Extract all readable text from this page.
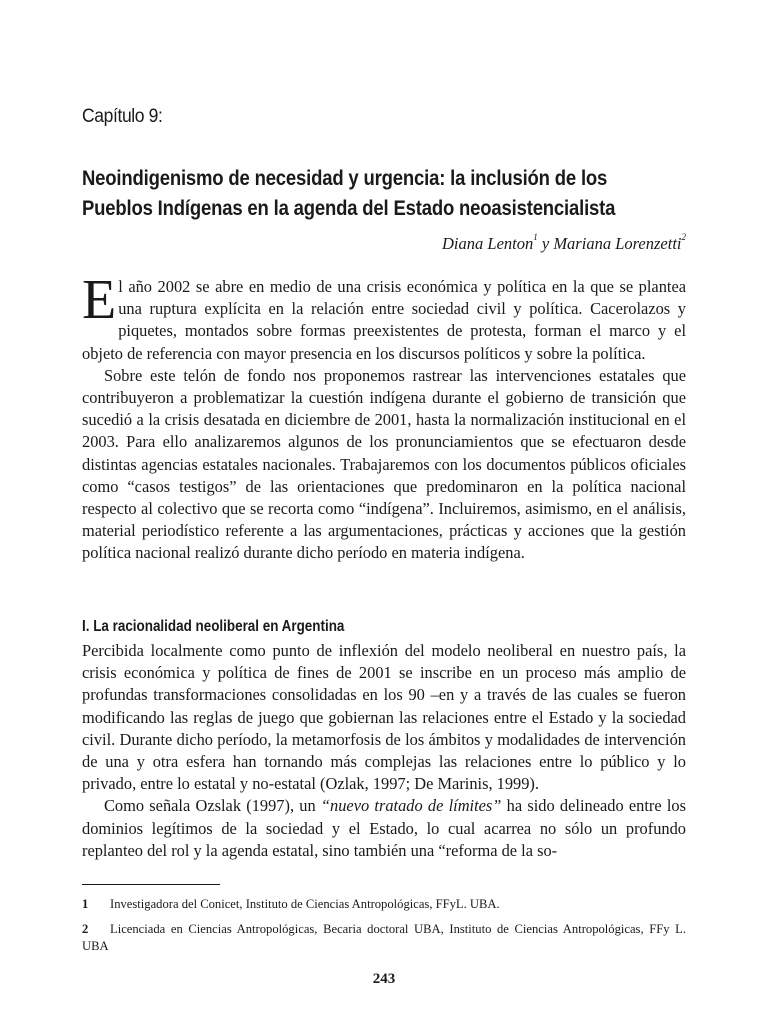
Capítulo 9:
Neoindigenismo de necesidad y urgencia: la inclusión de los
Pueblos Indígenas en la agenda del Estado neoasistencialista
Diana Lenton$^1$ y Mariana Lorenzetti$^2$

El año 2002 se abre en medio de una crisis económica y política en la que se plantea una ruptura explícita en la relación entre sociedad civil y política. Cacerolazos y piquetes, montados sobre formas preexistentes de protesta, forman el marco y el objeto de referencia con mayor presencia en los discursos políticos y sobre la política.

Sobre este telón de fondo nos proponemos rastrear las intervenciones estatales que contribuyeron a problematizar la cuestión indígena durante el gobierno de transición que sucedió a la crisis desatada en diciembre de 2001, hasta la normalización institucional en el 2003. Para ello analizaremos algunos de los pronunciamientos que se efectuaron desde distintas agencias estatales nacionales. Trabajaremos con los documentos públicos oficiales como “casos testigos” de las orientaciones que predominaron en la política nacional respecto al colectivo que se recorta como “indígena”. Incluiremos, asimismo, en el análisis, material periodístico referente a las argumentaciones, prácticas y acciones que la gestión política nacional realizó durante dicho período en materia indígena.

I. La racionalidad neoliberal en Argentina

Percibida localmente como punto de inflexión del modelo neoliberal en nuestro país, la crisis económica y política de fines de 2001 se inscribe en un proceso más amplio de profundas transformaciones consolidadas en los 90 –en y a través de las cuales se fueron modificando las reglas de juego que gobiernan las relaciones entre el Estado y la sociedad civil. Durante dicho período, la metamorfosis de los ámbitos y modalidades de intervención de una y otra esfera han tornando más complejas las relaciones entre lo público y lo privado, entre lo estatal y no-estatal (Ozlak, 1997; De Marinis, 1999).

Como señala Ozslak (1997), un “nuevo tratado de límites” ha sido delineado entre los dominios legítimos de la sociedad y el Estado, lo cual acarrea no sólo un profundo replanteo del rol y la agenda estatal, sino también una “reforma de la so-

1 Investigadora del Conicet, Instituto de Ciencias Antropológicas, FFyL. UBA.
2 Licenciada en Ciencias Antropológicas, Becaria doctoral UBA, Instituto de Ciencias Antropológicas, FFy L. UBA
243
